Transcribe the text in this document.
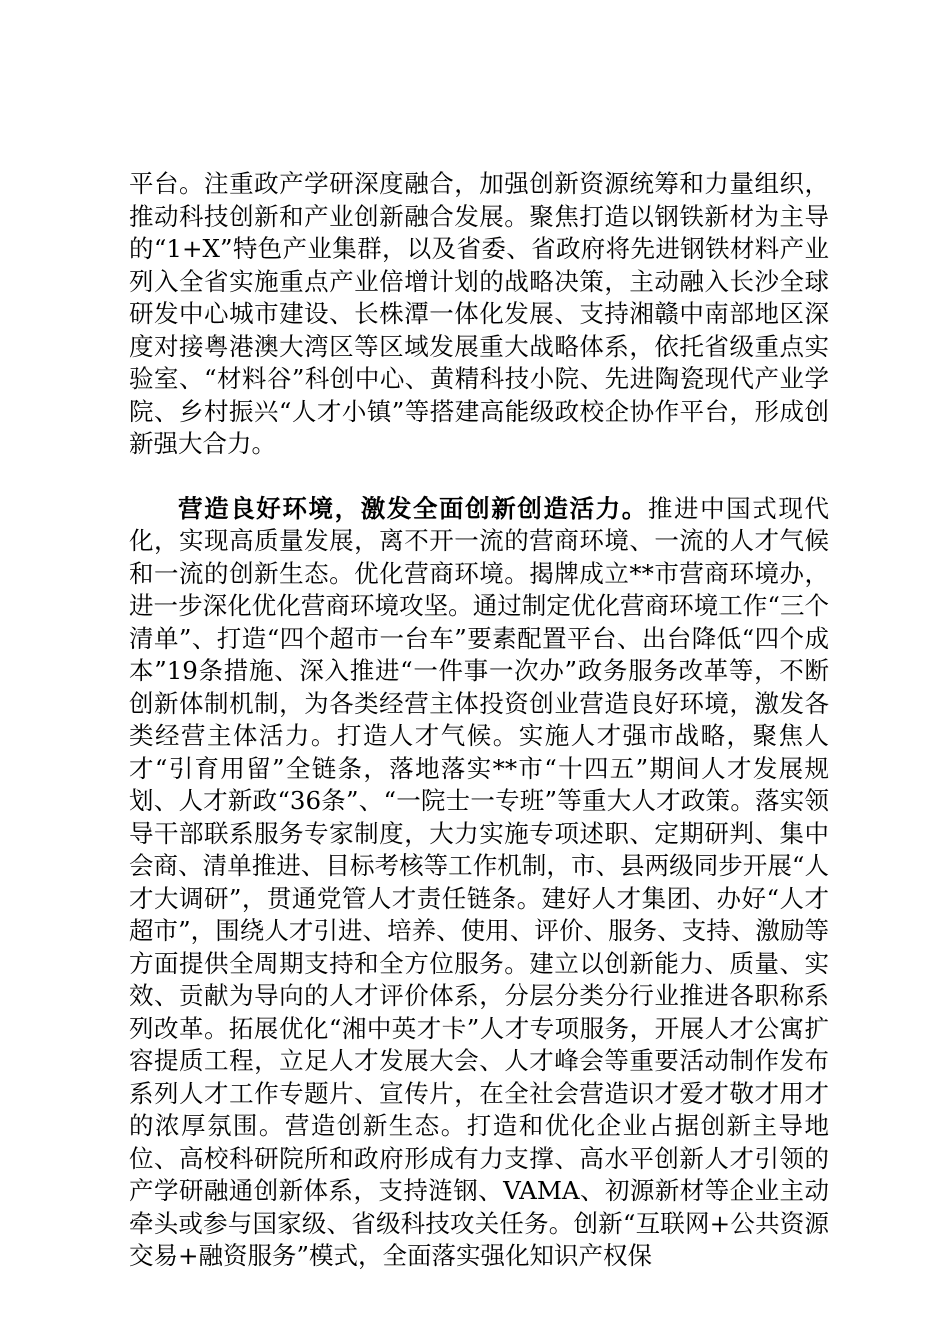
平台。注重政产学研深度融合，加强创新资源统筹和力量组织，推动科技创新和产业创新融合发展。聚焦打造以钢铁新材为主导的“1+X”特色产业集群，以及省委、省政府将先进钢铁材料产业列入全省实施重点产业倍增计划的战略决策，主动融入长沙全球研发中心城市建设、长株潭一体化发展、支持湘赣中南部地区深度对接粤港澳大湾区等区域发展重大战略体系，依托省级重点实验室、“材料谷”科创中心、黄精科技小院、先进陶瓷现代产业学院、乡村振兴“人才小镇”等搭建高能级政校企协作平台，形成创新强大合力。

营造良好环境，激发全面创新创造活力。推进中国式现代化，实现高质量发展，离不开一流的营商环境、一流的人才气候和一流的创新生态。优化营商环境。揭牌成立**市营商环境办，进一步深化优化营商环境攻坚。通过制定优化营商环境工作“三个清单”、打造“四个超市一台车”要素配置平台、出台降低“四个成本”19条措施、深入推进“一件事一次办”政务服务改革等，不断创新体制机制，为各类经营主体投资创业营造良好环境，激发各类经营主体活力。打造人才气候。实施人才强市战略，聚焦人才“引育用留”全链条，落地落实**市“十四五”期间人才发展规划、人才新政“36条”、“一院士一专班”等重大人才政策。落实领导干部联系服务专家制度，大力实施专项述职、定期研判、集中会商、清单推进、目标考核等工作机制，市、县两级同步开展“人才大调研”，贯通党管人才责任链条。建好人才集团、办好“人才超市”，围绕人才引进、培养、使用、评价、服务、支持、激励等方面提供全周期支持和全方位服务。建立以创新能力、质量、实效、贡献为导向的人才评价体系，分层分类分行业推进各职称系列改革。拓展优化“湘中英才卡”人才专项服务，开展人才公寓扩容提质工程，立足人才发展大会、人才峰会等重要活动制作发布系列人才工作专题片、宣传片，在全社会营造识才爱才敬才用才的浓厚氛围。营造创新生态。打造和优化企业占据创新主导地位、高校科研院所和政府形成有力支撑、高水平创新人才引领的产学研融通创新体系，支持涟钢、VAMA、初源新材等企业主动牵头或参与国家级、省级科技攻关任务。创新“互联网+公共资源交易+融资服务”模式，全面落实强化知识产权保
